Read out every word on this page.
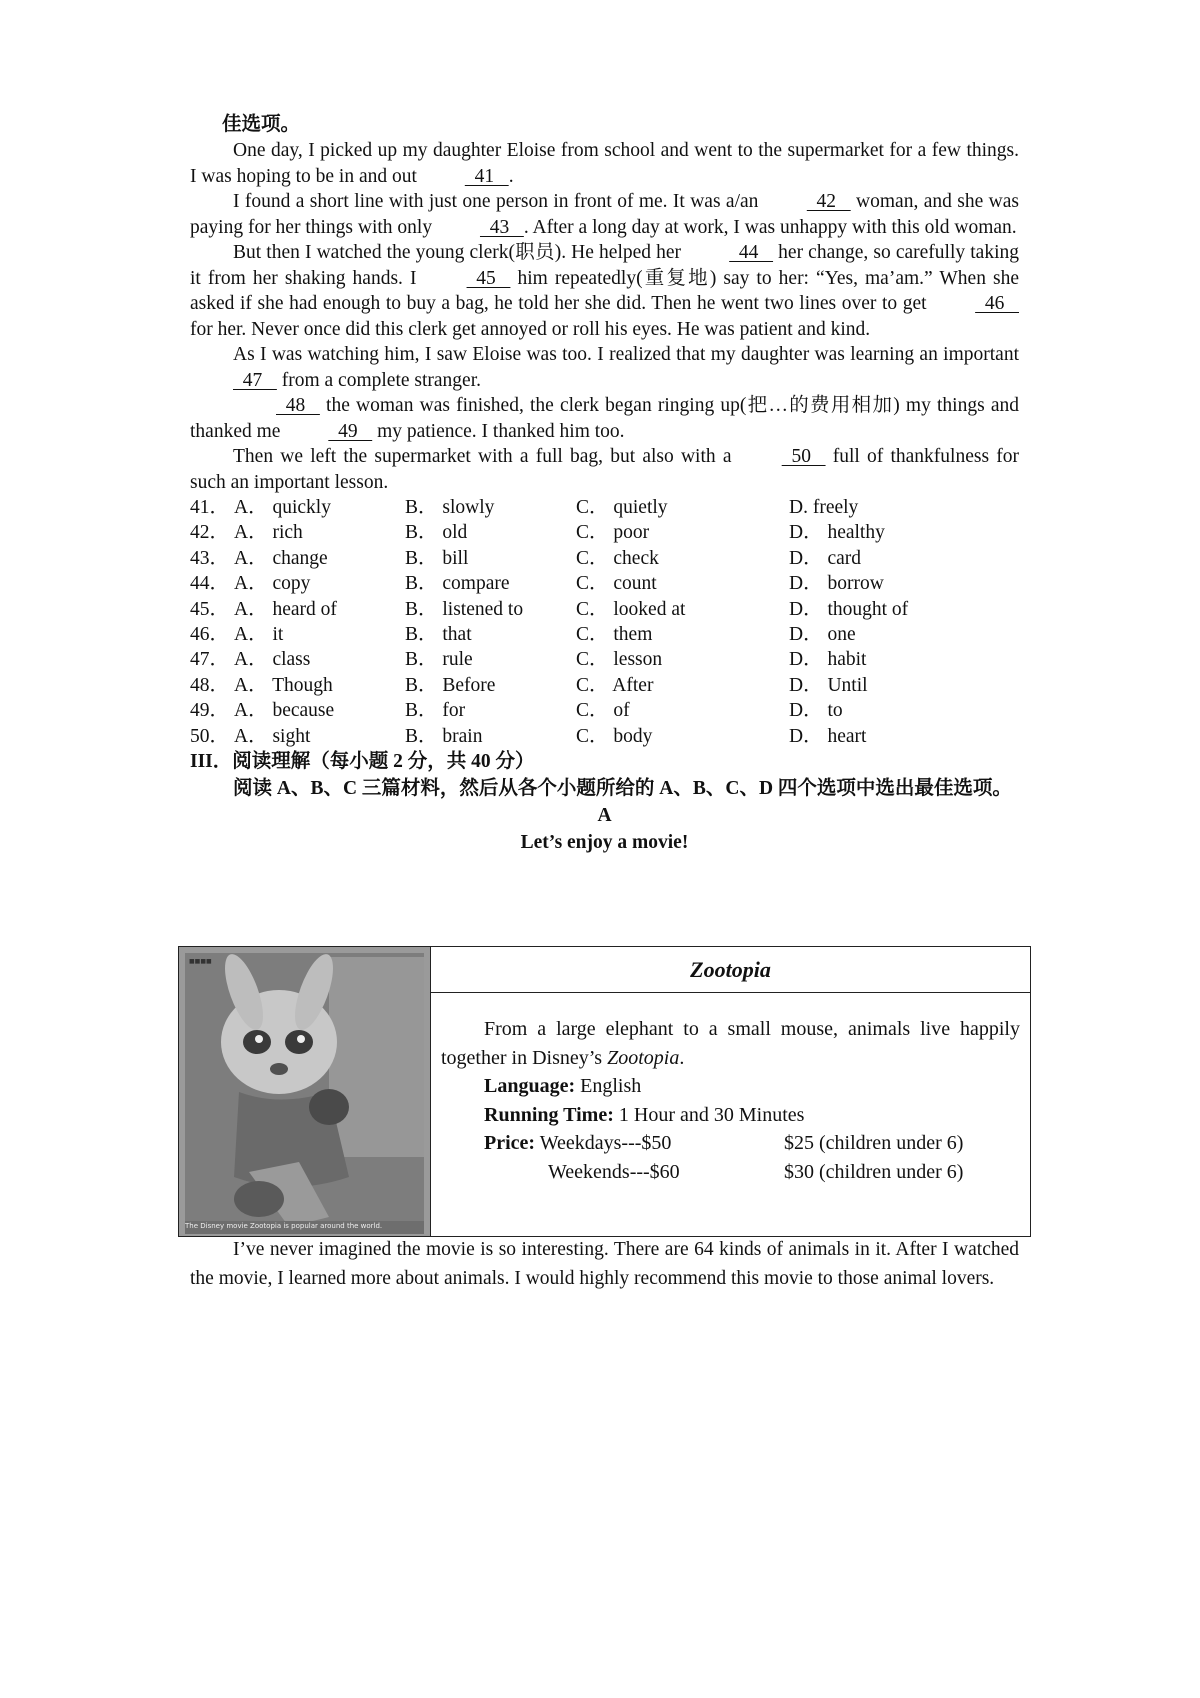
佳选项。

One day, I picked up my daughter Eloise from school and went to the supermarket for a few things. I was hoping to be in and out   41   .

I found a short line with just one person in front of me. It was a/an   42    woman, and she was paying for her things with only   43   . After a long day at work, I was unhappy with this old woman.

But then I watched the young clerk(职员). He helped her   44    her change, so carefully taking it from her shaking hands. I   45    him repeatedly(重复地) say to her: “Yes, ma’am.” When she asked if she had enough to buy a bag, he told her she did. Then he went two lines over to get   46    for her. Never once did this clerk get annoyed or roll his eyes. He was patient and kind.

As I was watching him, I saw Eloise was too. I realized that my daughter was learning an important   47    from a complete stranger.

48    the woman was finished, the clerk began ringing up(把…的费用相加) my things and thanked me   49    my patience. I thanked him too.

Then we left the supermarket with a full bag, but also with a   50    full of thankfulness for such an important lesson.

41． A． quickly	B． slowly	C． quietly	D. freely
42． A． rich	B． old	C． poor	D． healthy
43． A． change	B． bill	C． check	D． card
44． A． copy	B． compare	C． count	D． borrow
45． A． heard of	B． listened to	C． looked at	D． thought of
46． A． it	B． that	C． them	D． one
47． A． class	B． rule	C． lesson	D． habit
48． A． Though	B． Before	C． After	D． Until
49． A． because	B． for	C． of	D． to
50． A． sight	B． brain	C． body	D． heart
III．阅读理解（每小题 2 分，共 40 分）
阅读 A、B、C 三篇材料，然后从各个小题所给的 A、B、C、D 四个选项中选出最佳选项。
A
Let’s enjoy a movie!
■■■■
The Disney movie Zootopia is popular around the world.
Zootopia

From a large elephant to a small mouse, animals live happily together in Disney’s Zootopia.

Language: English
Running Time: 1 Hour and 30 Minutes
Price: Weekdays---$50	$25 (children under 6)
Weekends---$60	$30 (children under 6)

I’ve never imagined the movie is so interesting. There are 64 kinds of animals in it. After I watched the movie, I learned more about animals. I would highly recommend this movie to those animal lovers.
